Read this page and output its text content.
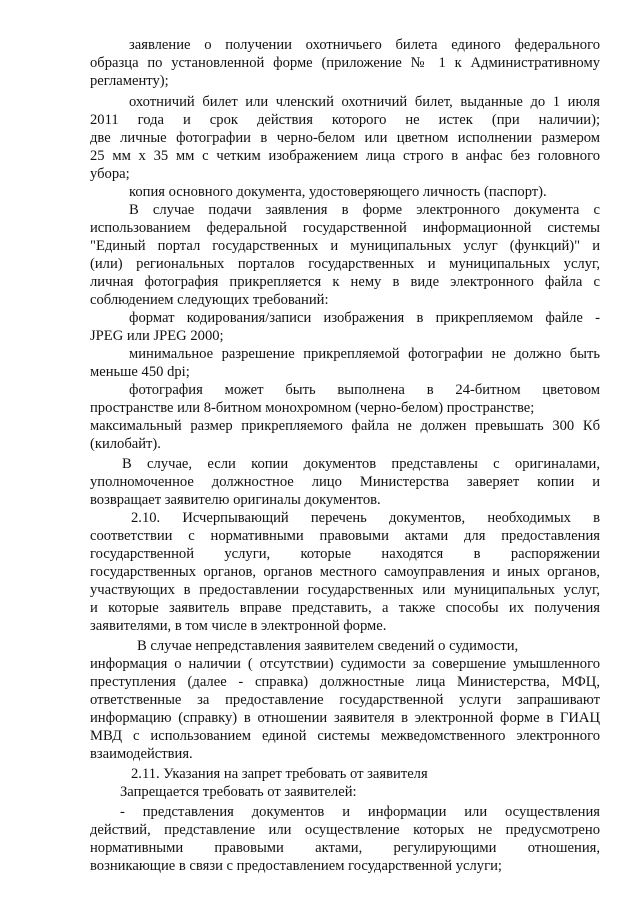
заявление о получении охотничьего билета единого федерального

образца по установленной форме (приложение № 1 к Административному

регламенту);

охотничий билет или членский охотничий билет, выданные до 1 июля

2011 года и срок действия которого не истек (при наличии);

две личные фотографии в черно-белом или цветном исполнении размером

25 мм х 35 мм с четким изображением лица строго в анфас без головного

убора;

копия основного документа, удостоверяющего личность (паспорт).

В случае подачи заявления в форме электронного документа с

использованием федеральной государственной информационной системы

"Единый портал государственных и муниципальных услуг (функций)" и

(или) региональных порталов государственных и муниципальных услуг,

личная фотография прикрепляется к нему в виде электронного файла с

соблюдением следующих требований:

формат кодирования/записи изображения в прикрепляемом файле -

JPEG или JPEG 2000;

минимальное разрешение прикрепляемой фотографии не должно быть

меньше 450 dpi;

фотография может быть выполнена в 24-битном цветовом

пространстве или 8-битном монохромном (черно-белом) пространстве;

максимальный размер прикрепляемого файла не должен превышать 300 Кб

(килобайт).

В случае, если копии документов представлены с оригиналами,

уполномоченное должностное лицо Министерства заверяет копии и

возвращает заявителю оригиналы документов.

2.10. Исчерпывающий перечень документов, необходимых в

соответствии с нормативными правовыми актами для предоставления

государственной услуги, которые находятся в распоряжении

государственных органов, органов местного самоуправления и иных органов,

участвующих в предоставлении государственных или муниципальных услуг,

и которые заявитель вправе представить, а также способы их получения

заявителями, в том числе в электронной форме.

В случае непредставления заявителем сведений о судимости,

информация о наличии ( отсутствии) судимости за совершение умышленного

преступления (далее - справка) должностные лица Министерства, МФЦ,

ответственные за предоставление государственной услуги запрашивают

информацию (справку) в отношении заявителя в электронной форме в ГИАЦ

МВД с использованием единой системы межведомственного электронного

взаимодействия.

2.11. Указания на запрет требовать от заявителя

Запрещается требовать от заявителей:

- представления документов и информации или осуществления

действий, представление или осуществление которых не предусмотрено

нормативными правовыми актами, регулирующими отношения,

возникающие в связи с предоставлением государственной услуги;
